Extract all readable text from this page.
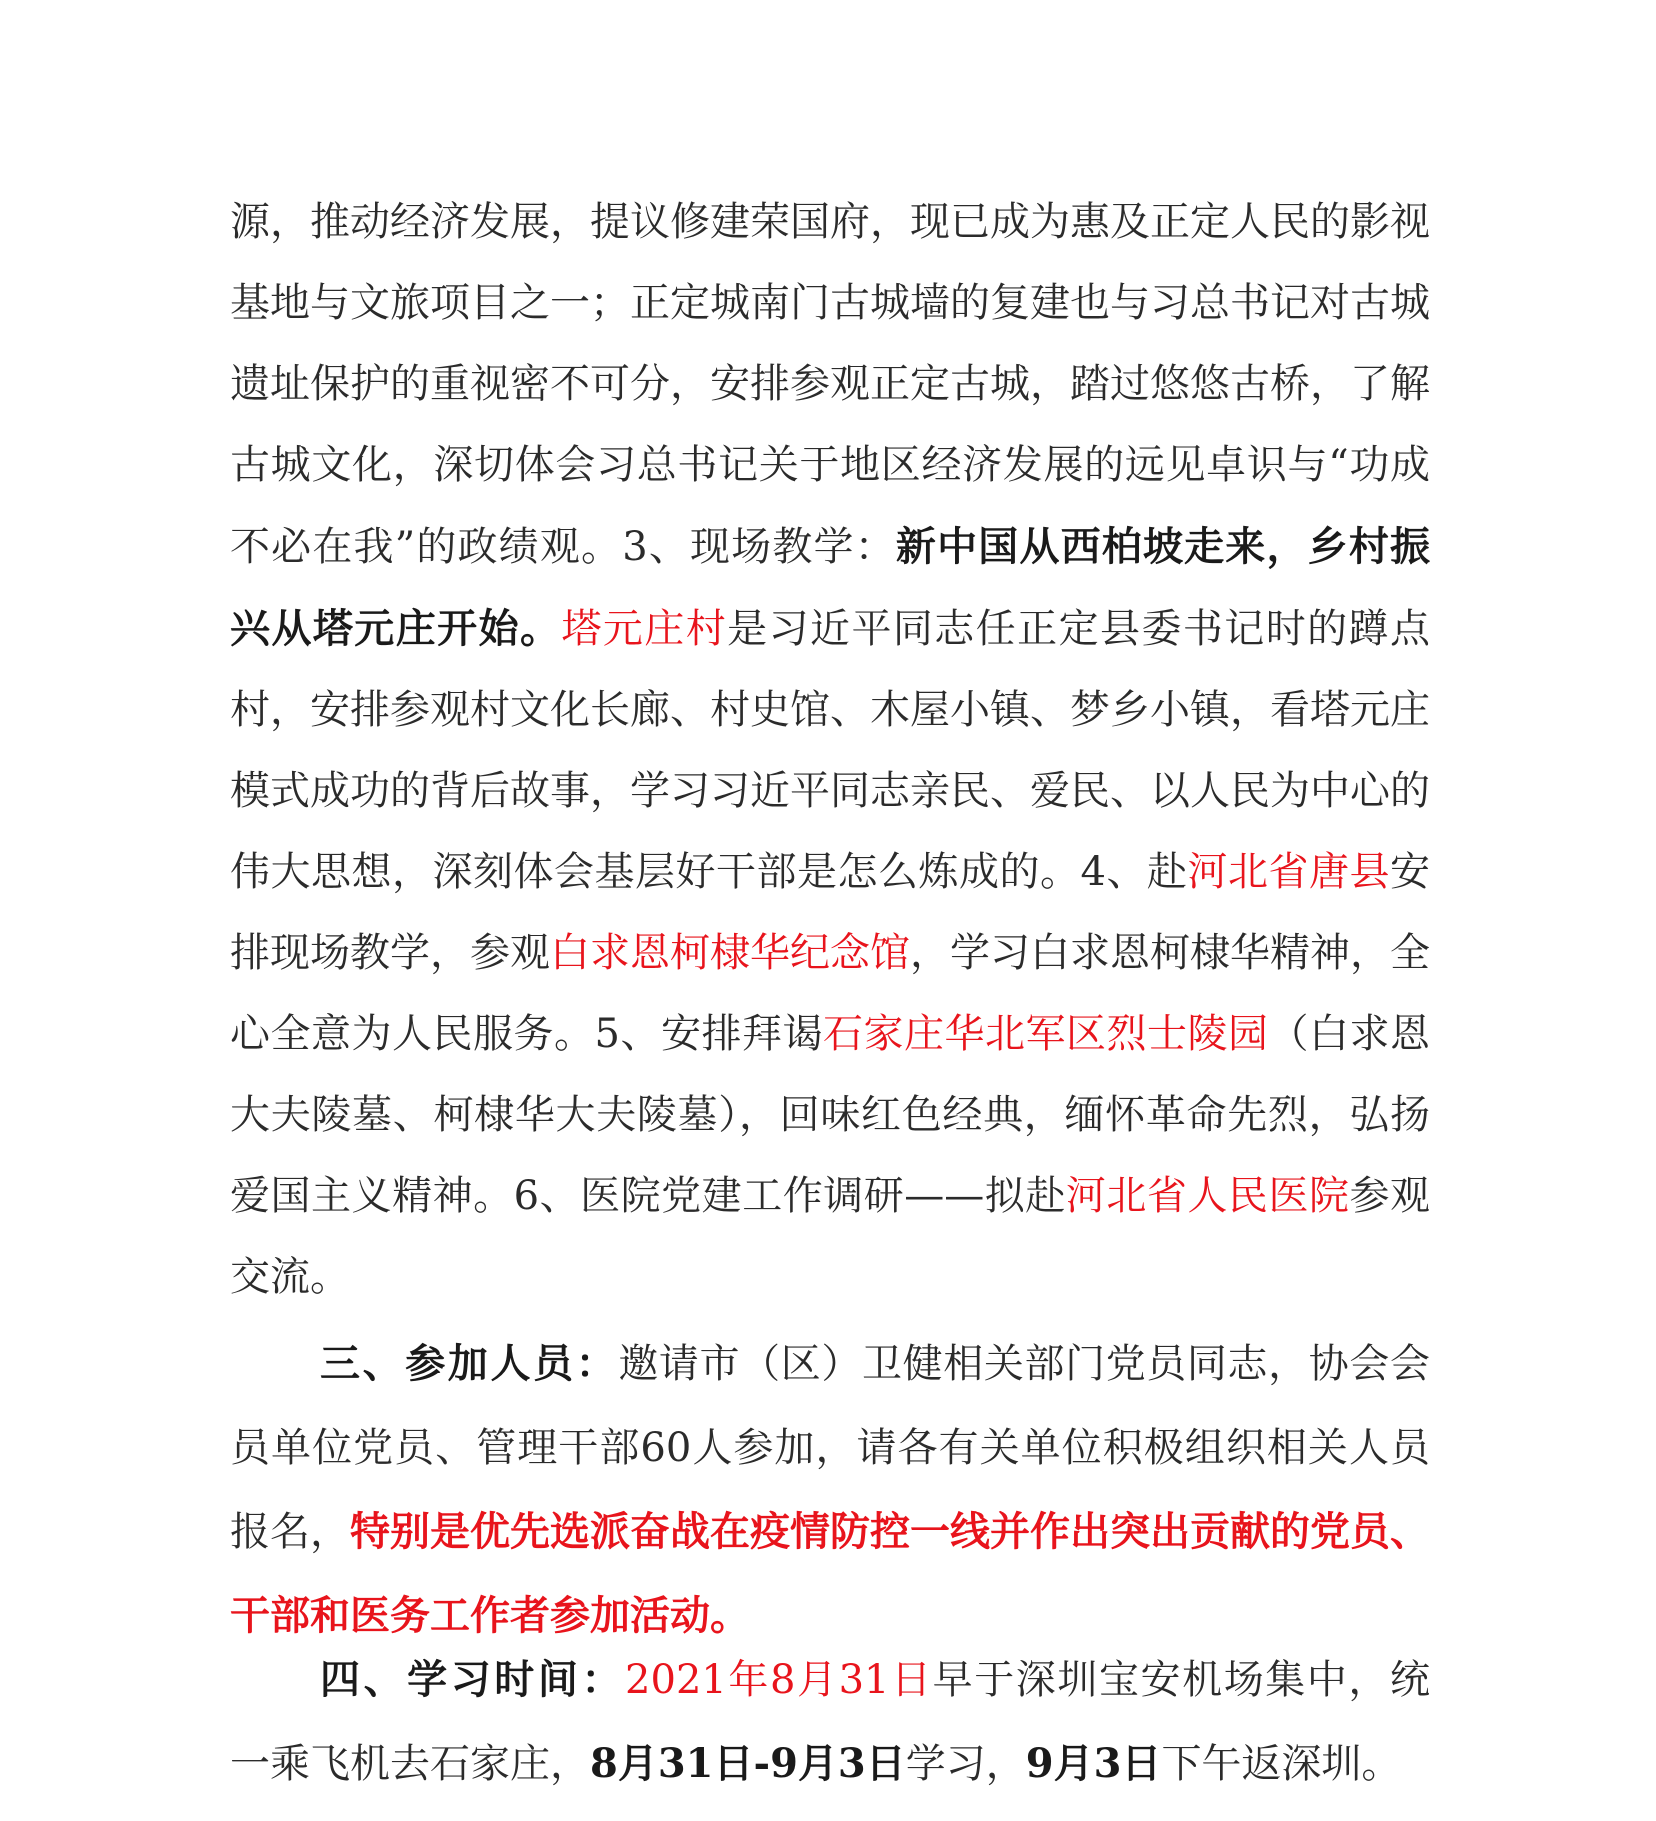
源，推动经济发展，提议修建荣国府，现已成为惠及正定人民的影视基地与文旅项目之一；正定城南门古城墙的复建也与习总书记对古城遗址保护的重视密不可分，安排参观正定古城，踏过悠悠古桥，了解古城文化，深切体会习总书记关于地区经济发展的远见卓识与“功成不必在我”的政绩观。3、现场教学：新中国从西柏坡走来，乡村振兴从塔元庄开始。塔元庄村是习近平同志任正定县委书记时的蹲点村，安排参观村文化长廊、村史馆、木屋小镇、梦乡小镇，看塔元庄模式成功的背后故事，学习习近平同志亲民、爱民、以人民为中心的伟大思想，深刻体会基层好干部是怎么炼成的。4、赴河北省唐县安排现场教学，参观白求恩柯棣华纪念馆，学习白求恩柯棣华精神，全心全意为人民服务。5、安排拜谒石家庄华北军区烈士陵园（白求恩大夫陵墓、柯棣华大夫陵墓），回味红色经典，缅怀革命先烈，弘扬爱国主义精神。6、医院党建工作调研——拟赴河北省人民医院参观交流。

三、参加人员：邀请市（区）卫健相关部门党员同志，协会会员单位党员、管理干部60人参加，请各有关单位积极组织相关人员报名，特别是优先选派奋战在疫情防控一线并作出突出贡献的党员、干部和医务工作者参加活动。

四、学习时间：2021年8月31日早于深圳宝安机场集中，统一乘飞机去石家庄，8月31日-9月3日学习，9月3日下午返深圳。
